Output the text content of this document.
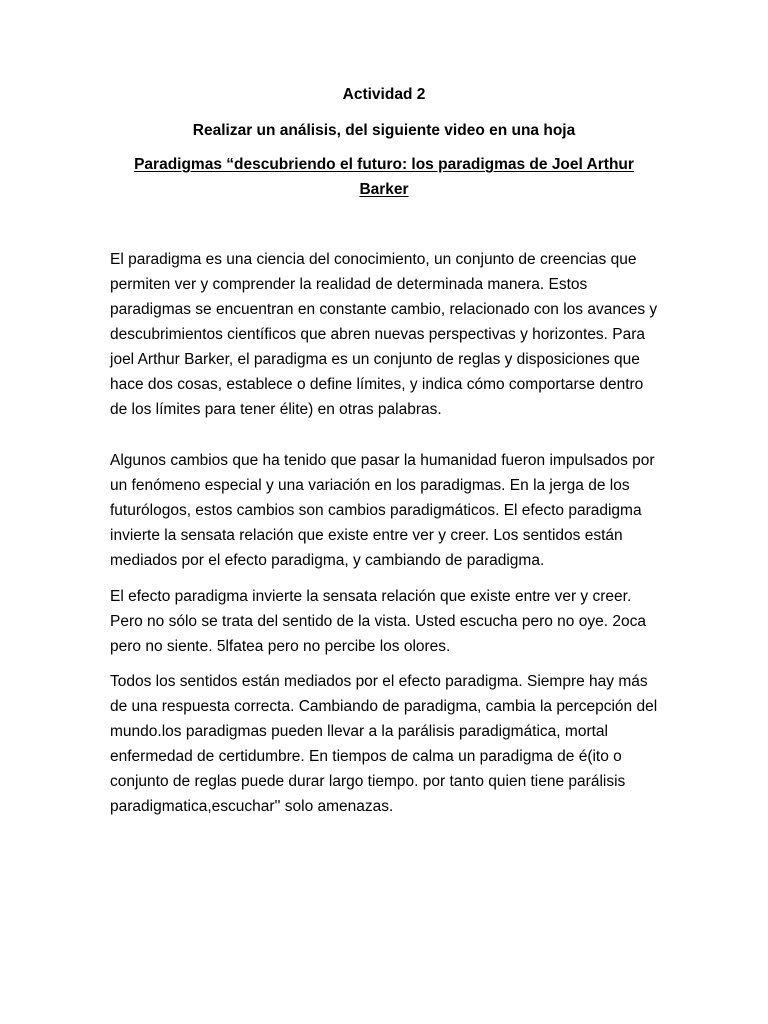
Actividad 2
Realizar un análisis, del siguiente video en una hoja
Paradigmas “descubriendo el futuro: los paradigmas de Joel Arthur Barker

El paradigma es una ciencia del conocimiento, un conjunto de creencias que permiten ver y comprender la realidad de determinada manera. Estos paradigmas se encuentran en constante cambio, relacionado con los avances y descubrimientos científicos que abren nuevas perspectivas y horizontes. Para joel Arthur Barker, el paradigma es un conjunto de reglas y disposiciones que hace dos cosas, establece o define límites, y indica cómo comportarse dentro de los límites para tener élite) en otras palabras.

Algunos cambios que ha tenido que pasar la humanidad fueron impulsados por un fenómeno especial y una variación en los paradigmas. En la jerga de los futurólogos, estos cambios son cambios paradigmáticos. El efecto paradigma invierte la sensata relación que existe entre ver y creer. Los sentidos están mediados por el efecto paradigma, y cambiando de paradigma.

El efecto paradigma invierte la sensata relación que existe entre ver y creer. Pero no sólo se trata del sentido de la vista. Usted escucha pero no oye. 2oca pero no siente. 5lfatea pero no percibe los olores.

Todos los sentidos están mediados por el efecto paradigma. Siempre hay más de una respuesta correcta. Cambiando de paradigma, cambia la percepción del mundo.los paradigmas pueden llevar a la parálisis paradigmática, mortal enfermedad de certidumbre. En tiempos de calma un paradigma de é(ito o conjunto de reglas puede durar largo tiempo. por tanto quien tiene parálisis paradigmatica,escuchar'' solo amenazas.
